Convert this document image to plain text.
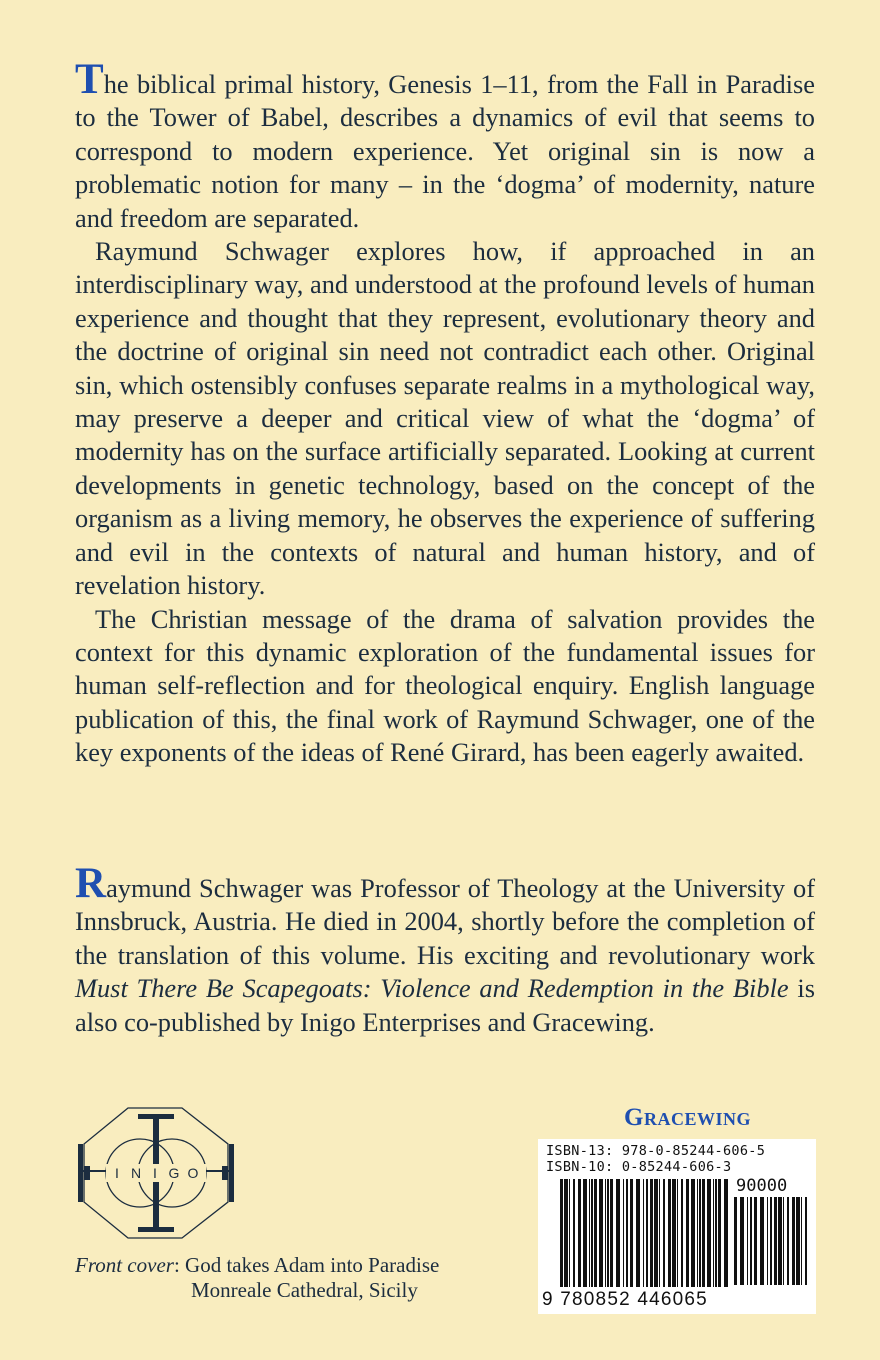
The biblical primal history, Genesis 1–11, from the Fall in Paradise to the Tower of Babel, describes a dynamics of evil that seems to correspond to modern experience. Yet original sin is now a problematic notion for many – in the ‘dogma’ of modernity, nature and freedom are separated.

Raymund Schwager explores how, if approached in an interdisciplinary way, and understood at the profound levels of human experience and thought that they represent, evolutionary theory and the doctrine of original sin need not contradict each other. Original sin, which ostensibly confuses separate realms in a mythological way, may preserve a deeper and critical view of what the ‘dogma’ of modernity has on the surface artificially separated. Looking at current developments in genetic technology, based on the concept of the organism as a living memory, he observes the experience of suffering and evil in the contexts of natural and human history, and of revelation history.

The Christian message of the drama of salvation provides the context for this dynamic exploration of the fundamental issues for human self-reflection and for theological enquiry. English language publication of this, the final work of Raymund Schwager, one of the key exponents of the ideas of René Girard, has been eagerly awaited.

Raymund Schwager was Professor of Theology at the University of Innsbruck, Austria. He died in 2004, shortly before the completion of the translation of this volume. His exciting and revolutionary work Must There Be Scapegoats: Violence and Redemption in the Bible is also co-published by Inigo Enterprises and Gracewing.

I N I G O
Front cover: God takes Adam into Paradise
Monreale Cathedral, Sicily
Gracewing
ISBN-13: 978-0-85244-606-5
ISBN-10: 0-85244-606-3
90000
9 780852 446065
